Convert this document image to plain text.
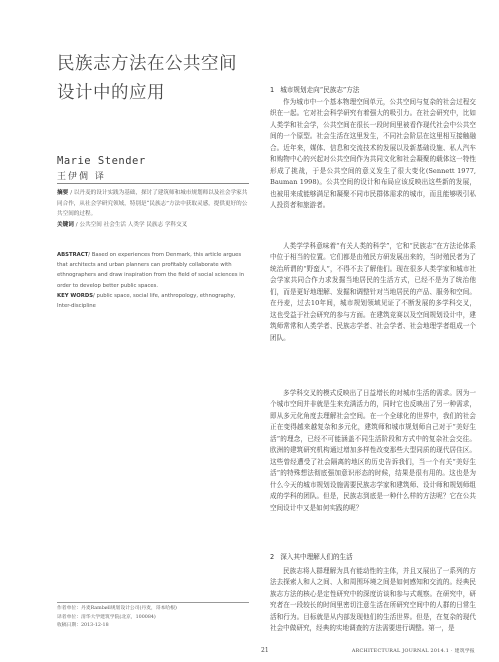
民族志方法在公共空间设计中的应用
Marie Stender
王伊倜 译

摘要 / 以丹麦的设计实践为基础，探讨了建筑师和城市规划师以及社会学家共同合作，从社会学研究领域，特别是“民族志”方法中获取灵感，提供更好的公共空间的过程。
关键词 / 公共空间 社会生活 人类学 民族志 学科交叉

ABSTRACT/ Based on experiences from Denmark, this article argues that architects and urban planners can profitably collaborate with ethnographers and draw inspiration from the field of social sciences in order to develop better public spaces.
KEY WORDS/ public space, social life, anthropology, ethnography, Inter-discipline

作者单位：丹麦Rambøll规划设计公司(丹麦，哥本哈根)
译者单位：清华大学建筑学院(北京，100084)
收稿日期：2013-12-18
1 城市规划走向“民族志”方法

作为城市中一个基本物理空间单元，公共空间与复杂的社会过程交织在一起。它对社会科学研究有着强大的吸引力。在社会研究中，比如人类学和社会学，公共空间在很长一段时间里被看作现代社会中公共空间的一个原型。社会生活在这里发生，不同社会阶层在这里相互接触融合。近年来，媒体、信息和交流技术的发展以及新基础设施、私人汽车和购物中心的兴起对公共空间作为共同文化和社会凝聚的载体这一特性形成了挑战，于是公共空间的意义发生了很大变化(Sennett 1977, Bauman 1998)。公共空间的设计和布局应该反映出这些新的发展，也被用来成能够满足和凝聚不同市民群体需求的城市，而且能够吸引私人投资者和旅游者。

人类学学科意味着“有关人类的科学”，它和“民族志”在方法论体系中位于相当的位置。它们都是由殖民方研发展出来的，当时殖民者为了统治所谓的“野蛮人”，不得不去了解他们。现在很多人类学家和城市社会学家共同合作力求发掘当地居民的生活方式，已经不是为了统治他们，而是更好地理解、发掘和调整针对当地居民的产品、服务和空间。在丹麦，过去10年间，城市规划领域见证了不断发展的多学科交叉，这也受益于社会研究的参与方面。在建筑竞赛以及空间规划设计中，建筑师常常和人类学者、民族志学者、社会学者、社会地理学者组成一个团队。

多学科交叉的模式反映出了日益增长的对城市生活的需求。因为一个城市空间并非就是生来充满活力的，同时它也反映出了另一种需求，即从多元化角度去理解社会空间。在一个全球化的世界中，我们的社会正在变得越来越复杂和多元化，建筑师和城市规划师自己对于“美好生活”的理念，已经不可能涵盖不同生活阶段和方式中的复杂社会交往。欧洲的建筑研究机构通过增加多样性改变那些大型同质的现代居住区。这些曾经遭受了社会隔离的地区的历史告诉我们，当一个有关“美好生活”的特殊想法彻底强加意识形态的时候，结果是很有用的。这也是为什么今天的城市规划设施需要民族志学家和建筑师、设计师和规划师组成的学科的团队。但是，民族志到底是一种什么样的方法呢？它在公共空间设计中又是如何实践的呢？

2 深入其中理解人们的生活

民族志将人群理解为具有能动性的主体，并且又展出了一系列的方法去探索人和人之间、人和周围环境之间是如何感知和交流的。经典民族志方法的核心是定性研究中的深度访谈和参与式观察。在研究中，研究者在一段较长的时间里密切注意生活在所研究空间中的人群的日常生活和行为。目标就是从内部发现他们的生活世界。但是，在复杂的现代社会中做研究，经典的实地调查的方法需要进行调整。第一，是

21	ARCHITECTURAL JOURNAL 2014.1 · 建筑学报
